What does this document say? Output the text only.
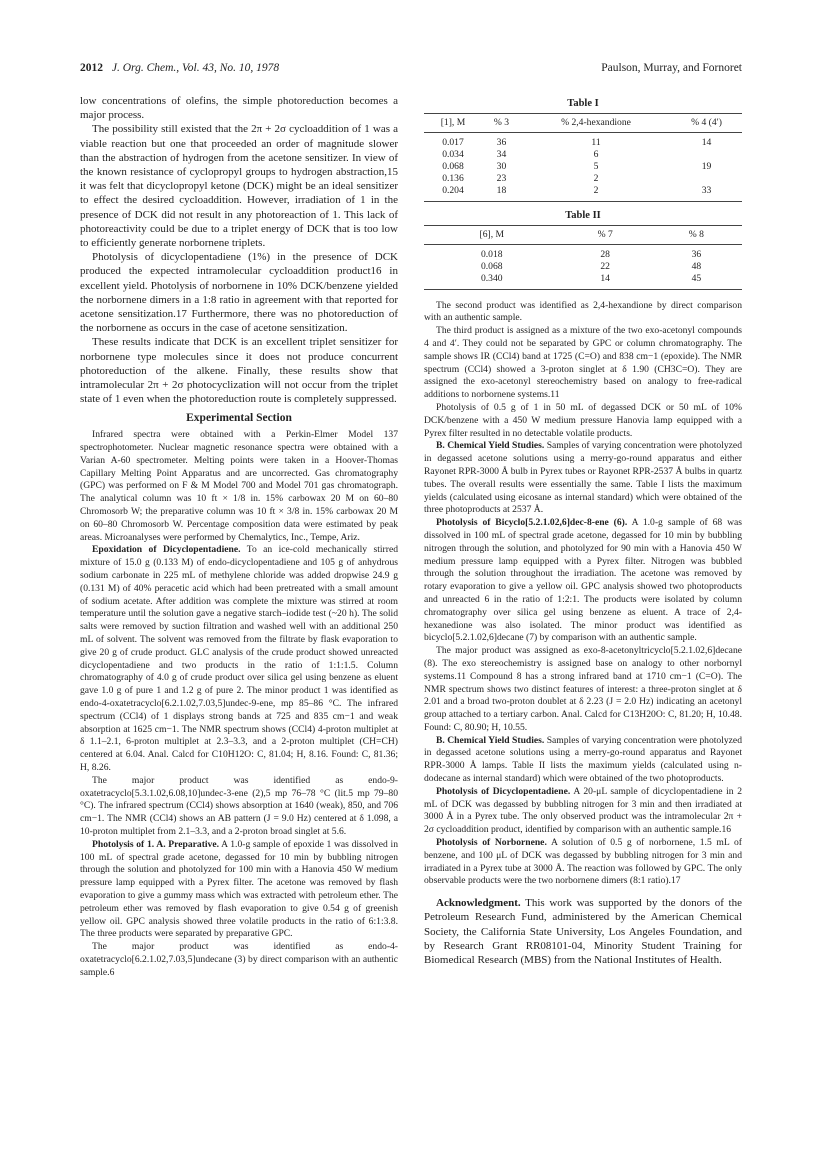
2012 J. Org. Chem., Vol. 43, No. 10, 1978	Paulson, Murray, and Fornoret

low concentrations of olefins, the simple photoreduction becomes a major process.

The possibility still existed that the 2π + 2σ cycloaddition of 1 was a viable reaction but one that proceeded an order of magnitude slower than the abstraction of hydrogen from the acetone sensitizer. In view of the known resistance of cyclopropyl groups to hydrogen abstraction,15 it was felt that dicyclopropyl ketone (DCK) might be an ideal sensitizer to effect the desired cycloaddition. However, irradiation of 1 in the presence of DCK did not result in any photoreaction of 1. This lack of photoreactivity could be due to a triplet energy of DCK that is too low to efficiently generate norbornene triplets.

Photolysis of dicyclopentadiene (1%) in the presence of DCK produced the expected intramolecular cycloaddition product16 in excellent yield. Photolysis of norbornene in 10% DCK/benzene yielded the norbornene dimers in a 1:8 ratio in agreement with that reported for acetone sensitization.17 Furthermore, there was no photoreduction of the norbornene as occurs in the case of acetone sensitization.

These results indicate that DCK is an excellent triplet sensitizer for norbornene type molecules since it does not produce concurrent photoreduction of the alkene. Finally, these results show that intramolecular 2π + 2σ photocyclization will not occur from the triplet state of 1 even when the photoreduction route is completely suppressed.

Experimental Section

Infrared spectra were obtained with a Perkin-Elmer Model 137 spectrophotometer. Nuclear magnetic resonance spectra were obtained with a Varian A-60 spectrometer. Melting points were taken in a Hoover-Thomas Capillary Melting Point Apparatus and are uncorrected. Gas chromatography (GPC) was performed on F & M Model 700 and Model 701 gas chromatograph. The analytical column was 10 ft × 1/8 in. 15% carbowax 20 M on 60–80 Chromosorb W; the preparative column was 10 ft × 3/8 in. 15% carbowax 20 M on 60–80 Chromosorb W. Percentage composition data were estimated by peak areas. Microanalyses were performed by Chemalytics, Inc., Tempe, Ariz.

Epoxidation of Dicyclopentadiene. To an ice-cold mechanically stirred mixture of 15.0 g (0.133 M) of endo-dicyclopentadiene and 105 g of anhydrous sodium carbonate in 225 mL of methylene chloride was added dropwise 24.9 g (0.131 M) of 40% peracetic acid which had been pretreated with a small amount of sodium acetate. After addition was complete the mixture was stirred at room temperature until the solution gave a negative starch–iodide test (~20 h). The solid salts were removed by suction filtration and washed well with an additional 250 mL of solvent. The solvent was removed from the filtrate by flask evaporation to give 20 g of crude product. GLC analysis of the crude product showed unreacted dicyclopentadiene and two products in the ratio of 1:1:1.5. Column chromatography of 4.0 g of crude product over silica gel using benzene as eluent gave 1.0 g of pure 1 and 1.2 g of pure 2. The minor product 1 was identified as endo-4-oxatetracyclo[6.2.1.02,7.03,5]undec-9-ene, mp 85–86 °C. The infrared spectrum (CCl4) of 1 displays strong bands at 725 and 835 cm−1 and weak absorption at 1625 cm−1. The NMR spectrum shows (CCl4) 4-proton multiplet at δ 1.1–2.1, 6-proton multiplet at 2.3–3.3, and a 2-proton multiplet (CH=CH) centered at 6.04. Anal. Calcd for C10H12O: C, 81.04; H, 8.16. Found: C, 81.36; H, 8.26.

The major product was identified as endo-9-oxatetracyclo[5.3.1.02,6.08,10]undec-3-ene (2),5 mp 76–78 °C (lit.5 mp 79–80 °C). The infrared spectrum (CCl4) shows absorption at 1640 (weak), 850, and 706 cm−1. The NMR (CCl4) shows an AB pattern (J = 9.0 Hz) centered at δ 1.098, a 10-proton multiplet from 2.1–3.3, and a 2-proton broad singlet at 5.6.

Photolysis of 1. A. Preparative. A 1.0-g sample of epoxide 1 was dissolved in 100 mL of spectral grade acetone, degassed for 10 min by bubbling nitrogen through the solution and photolyzed for 100 min with a Hanovia 450 W medium pressure lamp equipped with a Pyrex filter. The acetone was removed by flash evaporation to give a gummy mass which was extracted with petroleum ether. The petroleum ether was removed by flash evaporation to give 0.54 g of greenish yellow oil. GPC analysis showed three volatile products in the ratio of 6:1:3.8. The three products were separated by preparative GPC.

The major product was identified as endo-4-oxatetracyclo[6.2.1.02,7.03,5]undecane (3) by direct comparison with an authentic sample.6

Table I
[1], M	% 3	% 2,4-hexandione	% 4 (4′)
0.017	36	11	14
0.034	34	6	
0.068	30	5	19
0.136	23	2	
0.204	18	2	33
Table II
[6], M	% 7	% 8
0.018	28	36
0.068	22	48
0.340	14	45

The second product was identified as 2,4-hexandione by direct comparison with an authentic sample.

The third product is assigned as a mixture of the two exo-acetonyl compounds 4 and 4′. They could not be separated by GPC or column chromatography. The sample shows IR (CCl4) band at 1725 (C=O) and 838 cm−1 (epoxide). The NMR spectrum (CCl4) showed a 3-proton singlet at δ 1.90 (CH3C=O). They are assigned the exo-acetonyl stereochemistry based on analogy to free-radical additions to norbornene systems.11

Photolysis of 0.5 g of 1 in 50 mL of degassed DCK or 50 mL of 10% DCK/benzene with a 450 W medium pressure Hanovia lamp equipped with a Pyrex filter resulted in no detectable volatile products.

B. Chemical Yield Studies. Samples of varying concentration were photolyzed in degassed acetone solutions using a merry-go-round apparatus and either Rayonet RPR-3000 Å bulb in Pyrex tubes or Rayonet RPR-2537 Å bulbs in quartz tubes. The overall results were essentially the same. Table I lists the maximum yields (calculated using eicosane as internal standard) which were obtained of the three photoproducts at 2537 Å.

Photolysis of Bicyclo[5.2.1.02,6]dec-8-ene (6). A 1.0-g sample of 68 was dissolved in 100 mL of spectral grade acetone, degassed for 10 min by bubbling nitrogen through the solution, and photolyzed for 90 min with a Hanovia 450 W medium pressure lamp equipped with a Pyrex filter. Nitrogen was bubbled through the solution throughout the irradiation. The acetone was removed by rotary evaporation to give a yellow oil. GPC analysis showed two photoproducts and unreacted 6 in the ratio of 1:2:1. The products were isolated by column chromatography over silica gel using benzene as eluent. A trace of 2,4-hexanedione was also isolated. The minor product was identified as bicyclo[5.2.1.02,6]decane (7) by comparison with an authentic sample.

The major product was assigned as exo-8-acetonyltricyclo[5.2.1.02,6]decane (8). The exo stereochemistry is assigned base on analogy to other norbornyl systems.11 Compound 8 has a strong infrared band at 1710 cm−1 (C=O). The NMR spectrum shows two distinct features of interest: a three-proton singlet at δ 2.01 and a broad two-proton doublet at δ 2.23 (J = 2.0 Hz) indicating an acetonyl group attached to a tertiary carbon. Anal. Calcd for C13H20O: C, 81.20; H, 10.48. Found: C, 80.90; H, 10.55.

B. Chemical Yield Studies. Samples of varying concentration were photolyzed in degassed acetone solutions using a merry-go-round apparatus and Rayonet RPR-3000 Å lamps. Table II lists the maximum yields (calculated using n-dodecane as internal standard) which were obtained of the two photoproducts.

Photolysis of Dicyclopentadiene. A 20-μL sample of dicyclopentadiene in 2 mL of DCK was degassed by bubbling nitrogen for 3 min and then irradiated at 3000 Å in a Pyrex tube. The only observed product was the intramolecular 2π + 2σ cycloaddition product, identified by comparison with an authentic sample.16

Photolysis of Norbornene. A solution of 0.5 g of norbornene, 1.5 mL of benzene, and 100 μL of DCK was degassed by bubbling nitrogen for 3 min and irradiated in a Pyrex tube at 3000 Å. The reaction was followed by GPC. The only observable products were the two norbornene dimers (8:1 ratio).17

Acknowledgment. This work was supported by the donors of the Petroleum Research Fund, administered by the American Chemical Society, the California State University, Los Angeles Foundation, and by Research Grant RR08101-04, Minority Student Training for Biomedical Research (MBS) from the National Institutes of Health.
